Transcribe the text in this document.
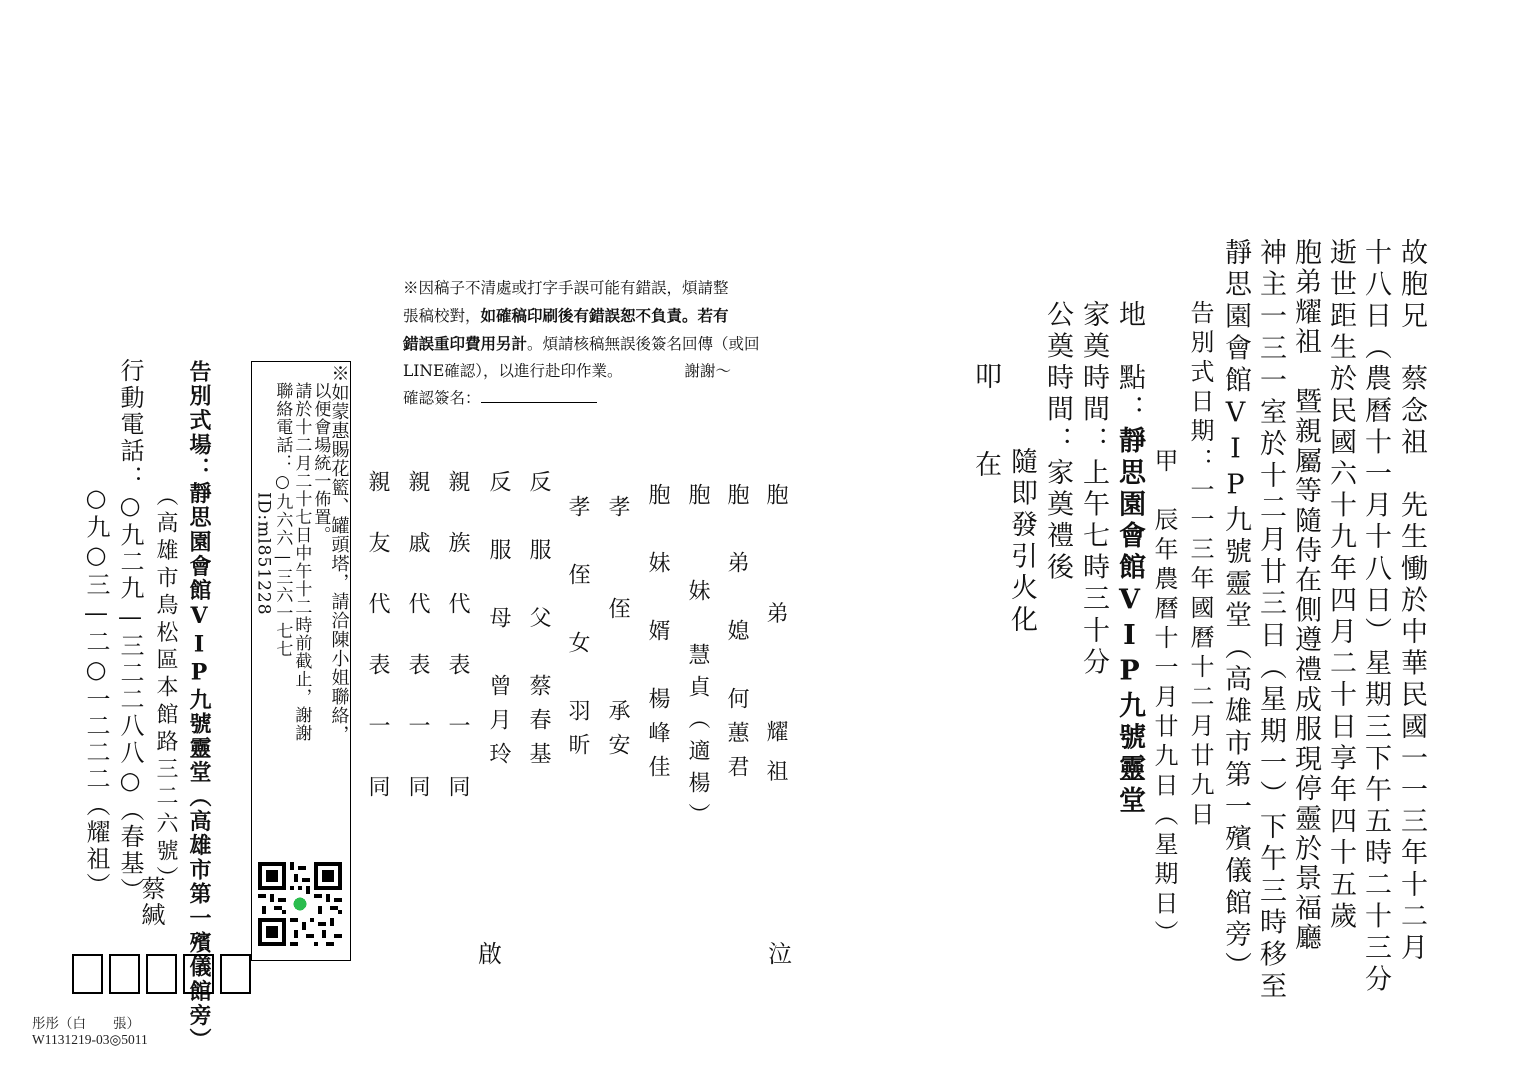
故胞兄　蔡念祖　先生慟於中華民國一一三年十二月
十八日（農曆十一月十八日）星期三下午五時二十三分
逝世距生於民國六十九年四月二十日享年四十五歲
胞弟耀祖　暨親屬等隨侍在側遵禮成服現停靈於景福廳
神主一三一室於十二月廿三日（星期一）下午三時移至
靜思園會館VIP九號靈堂（高雄市第一殯儀館旁）
告別式日期：一一三年國曆十二月廿九日
甲　辰年農曆十一月廿九日（星期日）
地　點：靜思園會館VIP九號靈堂
家奠時間：上午七時三十分
公奠時間：家奠禮後
隨即發引火化
叩
在
泣
胞　　弟　　耀祖
胞　弟　媳　何蕙君
胞　　妹　慧貞（適楊）
胞　妹　婿　楊峰佳
孝　　侄　　承安
孝　侄　女　羽昕
反　服　父　蔡春基
反　服　母　曾月玲
親　族　代　表　一　同
親　戚　代　表　一　同
親　友　代　表　一　同
啟
※因稿子不清處或打字手誤可能有錯誤，煩請整
張稿校對，如確稿印刷後有錯誤恕不負責。若有
錯誤重印費用另計。煩請核稿無誤後簽名回傳（或回
LINE確認），以進行赴印作業。	謝謝～
確認簽名：
※如蒙惠賜花籃、罐頭塔，請洽陳小姐聯絡，
以便會場統一佈置。
請於十二月二十七日中午十二時前截止，謝謝
聯絡電話：○九六六—三六一七七
ID:ml851228
告別式場：靜思園會館VIP九號靈堂（高雄市第一殯儀館旁）
（高雄市鳥松區本館路三二六號）
行動電話：○九二九—三二二八八○（春基）
○九○三—二○一二二二（耀祖）
蔡緘
彤彤（白　　張）
W1131219-03◎5011
